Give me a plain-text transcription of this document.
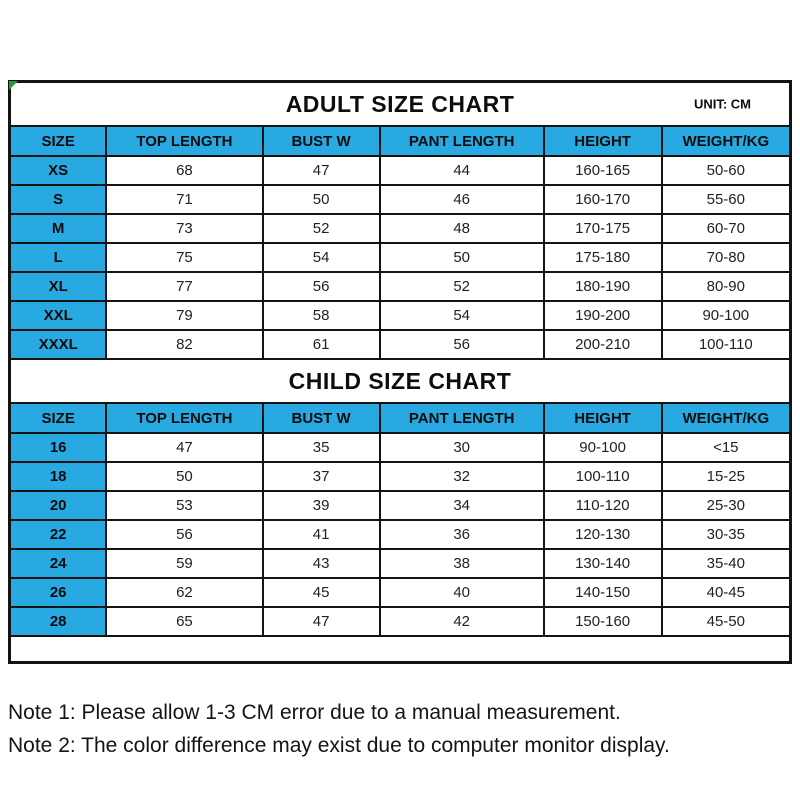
ADULT SIZE CHART UNIT: CM					

SIZE	TOP LENGTH	BUST W	PANT LENGTH	HEIGHT	WEIGHT/KG
XS	68	47	44	160-165	50-60
S	71	50	46	160-170	55-60
M	73	52	48	170-175	60-70
L	75	54	50	175-180	70-80
XL	77	56	52	180-190	80-90
XXL	79	58	54	190-200	90-100
XXXL	82	61	56	200-210	100-110
CHILD SIZE CHART					
SIZE	TOP LENGTH	BUST W	PANT LENGTH	HEIGHT	WEIGHT/KG
16	47	35	30	90-100	<15
18	50	37	32	100-110	15-25
20	53	39	34	110-120	25-30
22	56	41	36	120-130	30-35
24	59	43	38	130-140	35-40
26	62	45	40	140-150	40-45
28	65	47	42	150-160	45-50

Note 1: Please allow 1-3 CM error due to a manual measurement.

Note 2: The color difference may exist due to computer monitor display.
